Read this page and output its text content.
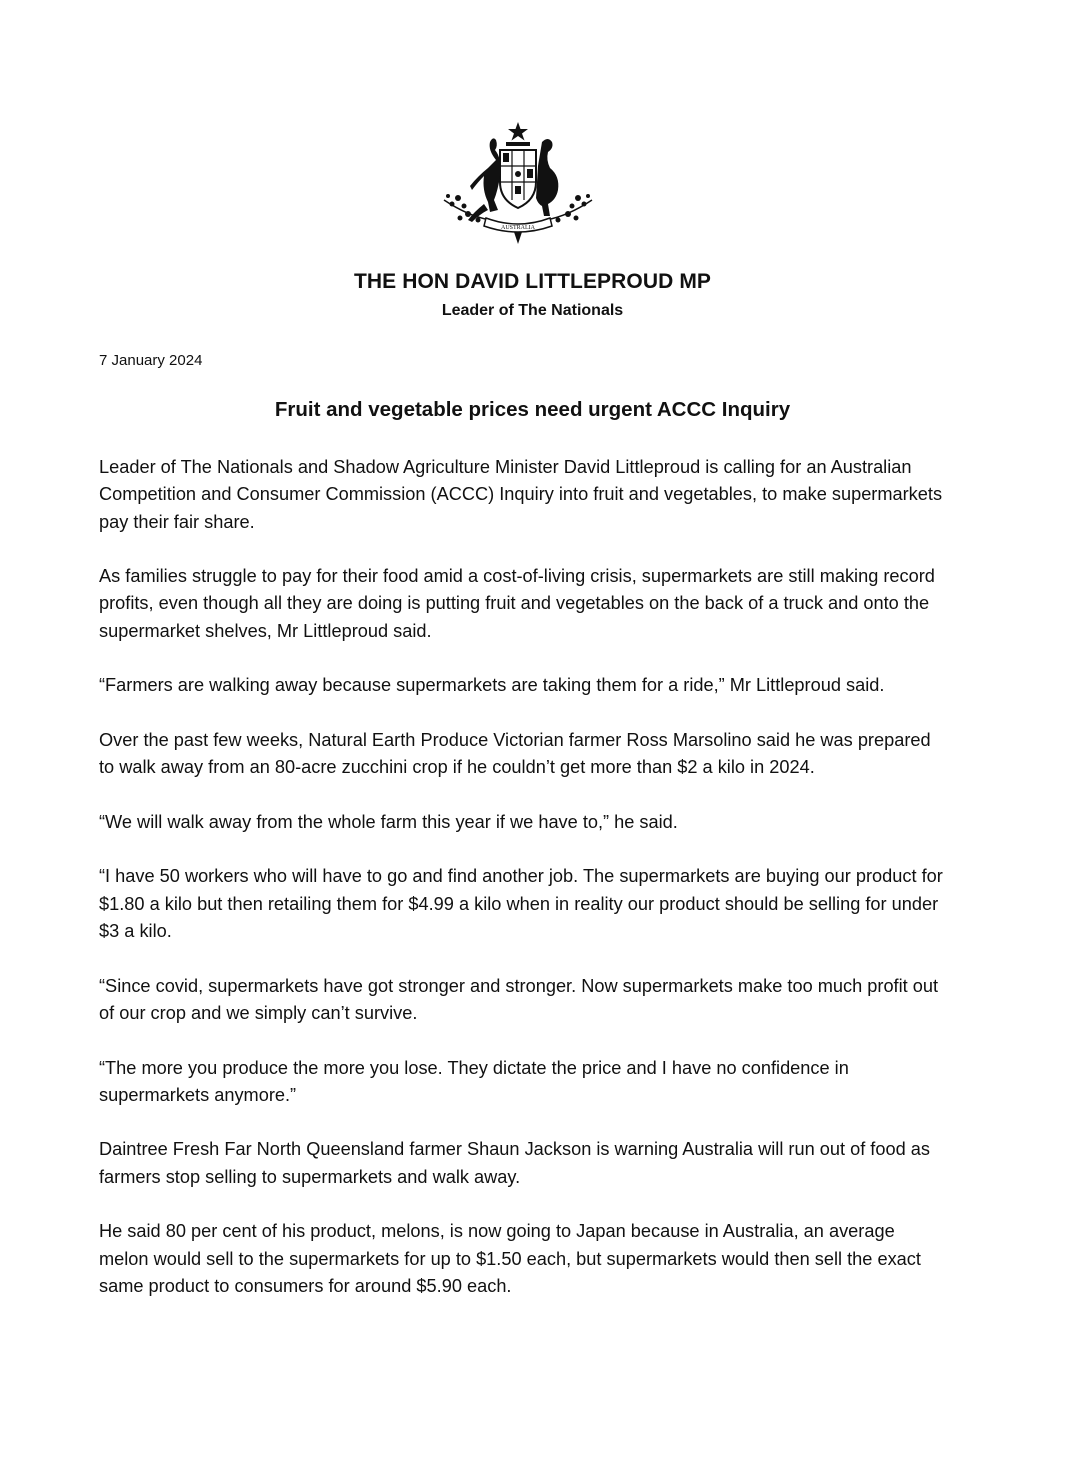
AUSTRALIA
THE HON DAVID LITTLEPROUD MP
Leader of The Nationals
7 January 2024
Fruit and vegetable prices need urgent ACCC Inquiry

Leader of The Nationals and Shadow Agriculture Minister David Littleproud is calling for an Australian Competition and Consumer Commission (ACCC) Inquiry into fruit and vegetables, to make supermarkets pay their fair share.

As families struggle to pay for their food amid a cost-of-living crisis, supermarkets are still making record profits, even though all they are doing is putting fruit and vegetables on the back of a truck and onto the supermarket shelves, Mr Littleproud said.

“Farmers are walking away because supermarkets are taking them for a ride,” Mr Littleproud said.

Over the past few weeks, Natural Earth Produce Victorian farmer Ross Marsolino said he was prepared to walk away from an 80-acre zucchini crop if he couldn’t get more than $2 a kilo in 2024.

“We will walk away from the whole farm this year if we have to,” he said.

“I have 50 workers who will have to go and find another job. The supermarkets are buying our product for $1.80 a kilo but then retailing them for $4.99 a kilo when in reality our product should be selling for under $3 a kilo.

“Since covid, supermarkets have got stronger and stronger. Now supermarkets make too much profit out of our crop and we simply can’t survive.

“The more you produce the more you lose. They dictate the price and I have no confidence in supermarkets anymore.”

Daintree Fresh Far North Queensland farmer Shaun Jackson is warning Australia will run out of food as farmers stop selling to supermarkets and walk away.

He said 80 per cent of his product, melons, is now going to Japan because in Australia, an average melon would sell to the supermarkets for up to $1.50 each, but supermarkets would then sell the exact same product to consumers for around $5.90 each.
